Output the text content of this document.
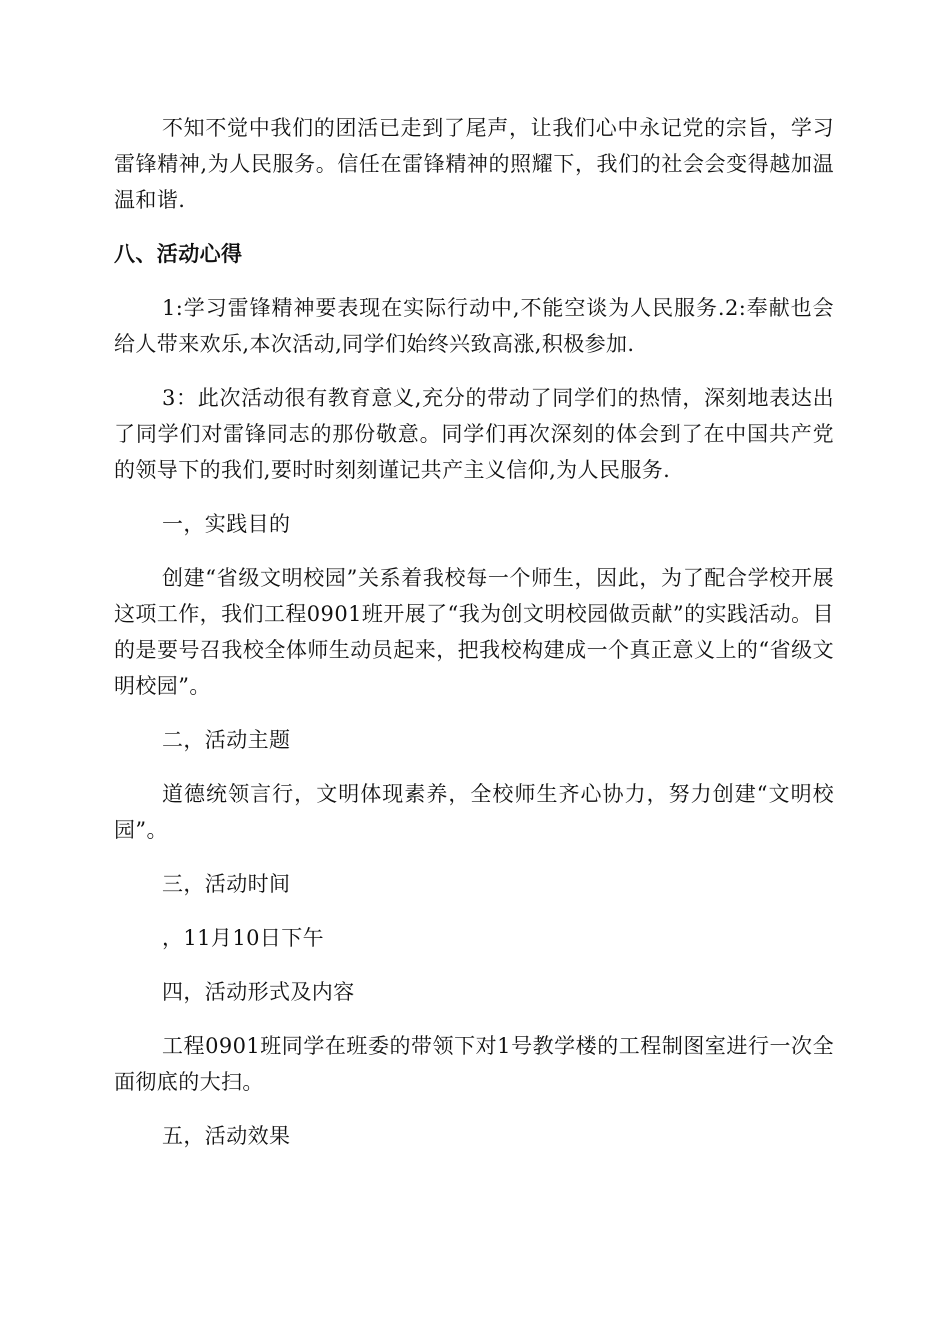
不知不觉中我们的团活已走到了尾声，让我们心中永记党的宗旨，学习雷锋精神,为人民服务。信任在雷锋精神的照耀下，我们的社会会变得越加温温和谐.

八、活动心得

1:学习雷锋精神要表现在实际行动中,不能空谈为人民服务.2:奉献也会给人带来欢乐,本次活动,同学们始终兴致高涨,积极参加.

3：此次活动很有教育意义,充分的带动了同学们的热情，深刻地表达出了同学们对雷锋同志的那份敬意。同学们再次深刻的体会到了在中国共产党的领导下的我们,要时时刻刻谨记共产主义信仰,为人民服务.

一，实践目的

创建“省级文明校园”关系着我校每一个师生，因此，为了配合学校开展这项工作，我们工程0901班开展了“我为创文明校园做贡献”的实践活动。目的是要号召我校全体师生动员起来，把我校构建成一个真正意义上的“省级文明校园”。

二，活动主题

道德统领言行，文明体现素养，全校师生齐心协力，努力创建“文明校园”。

三，活动时间

，11月10日下午

四，活动形式及内容

工程0901班同学在班委的带领下对1号教学楼的工程制图室进行一次全面彻底的大扫。

五，活动效果
